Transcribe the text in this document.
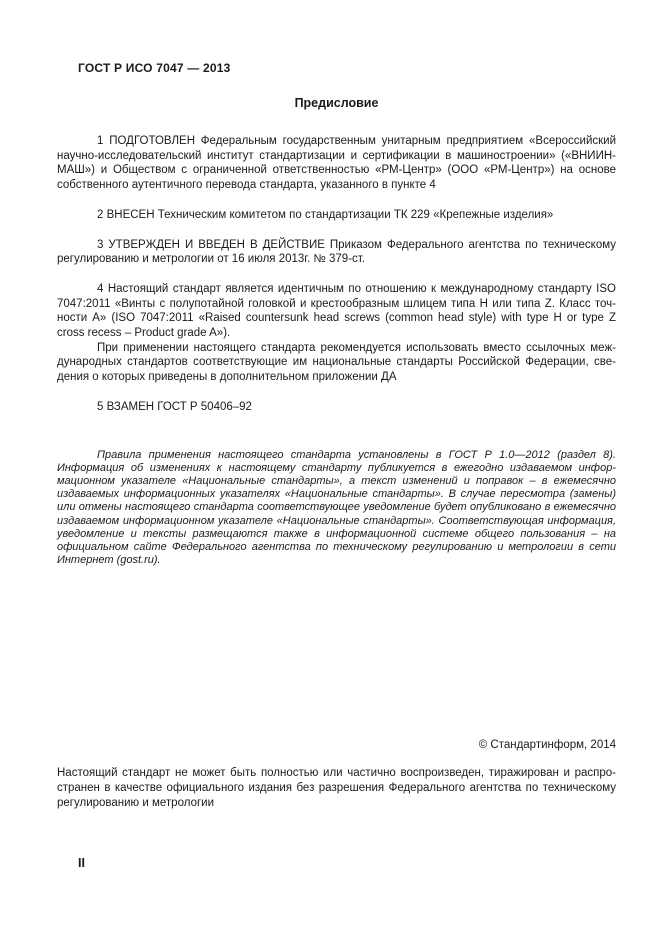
ГОСТ Р ИСО 7047 — 2013
Предисловие

1 ПОДГОТОВЛЕН Федеральным государственным унитарным предприятием «Всероссийский научно-исследовательский институт стандартизации и сертификации в машиностроении» («ВНИИНМАШ») и Обществом с ограниченной ответственностью «РМ-Центр» (ООО «РМ-Центр») на основе собственного аутентичного перевода стандарта, указанного в пункте 4

2 ВНЕСЕН Техническим комитетом по стандартизации ТК 229 «Крепежные изделия»

3 УТВЕРЖДЕН И ВВЕДЕН В ДЕЙСТВИЕ Приказом Федерального агентства по техническому регулированию и метрологии от 16 июля 2013г. № 379-ст.

4 Настоящий стандарт является идентичным по отношению к международному стандарту ISO 7047:2011 «Винты с полупотайной головкой и крестообразным шлицем типа Н или типа Z. Класс точности А» (ISO 7047:2011 «Raised countersunk head screws (common head style) with type H or type Z cross recess – Product grade A»).

При применении настоящего стандарта рекомендуется использовать вместо ссылочных международных стандартов соответствующие им национальные стандарты Российской Федерации, сведения о которых приведены в дополнительном приложении ДА

5 ВЗАМЕН ГОСТ Р 50406–92

Правила применения настоящего стандарта установлены в ГОСТ Р 1.0—2012 (раздел 8). Информация об изменениях к настоящему стандарту публикуется в ежегодно издаваемом информационном указателе «Национальные стандарты», а текст изменений и поправок – в ежемесячно издаваемых информационных указателях «Национальные стандарты». В случае пересмотра (замены) или отмены настоящего стандарта соответствующее уведомление будет опубликовано в ежемесячно издаваемом информационном указателе «Национальные стандарты». Соответствующая информация, уведомление и тексты размещаются также в информационной системе общего пользования – на официальном сайте Федерального агентства по техническому регулированию и метрологии в сети Интернет (gost.ru).

© Стандартинформ, 2014

Настоящий стандарт не может быть полностью или частично воспроизведен, тиражирован и распространен в качестве официального издания без разрешения Федерального агентства по техническому регулированию и метрологии

II
